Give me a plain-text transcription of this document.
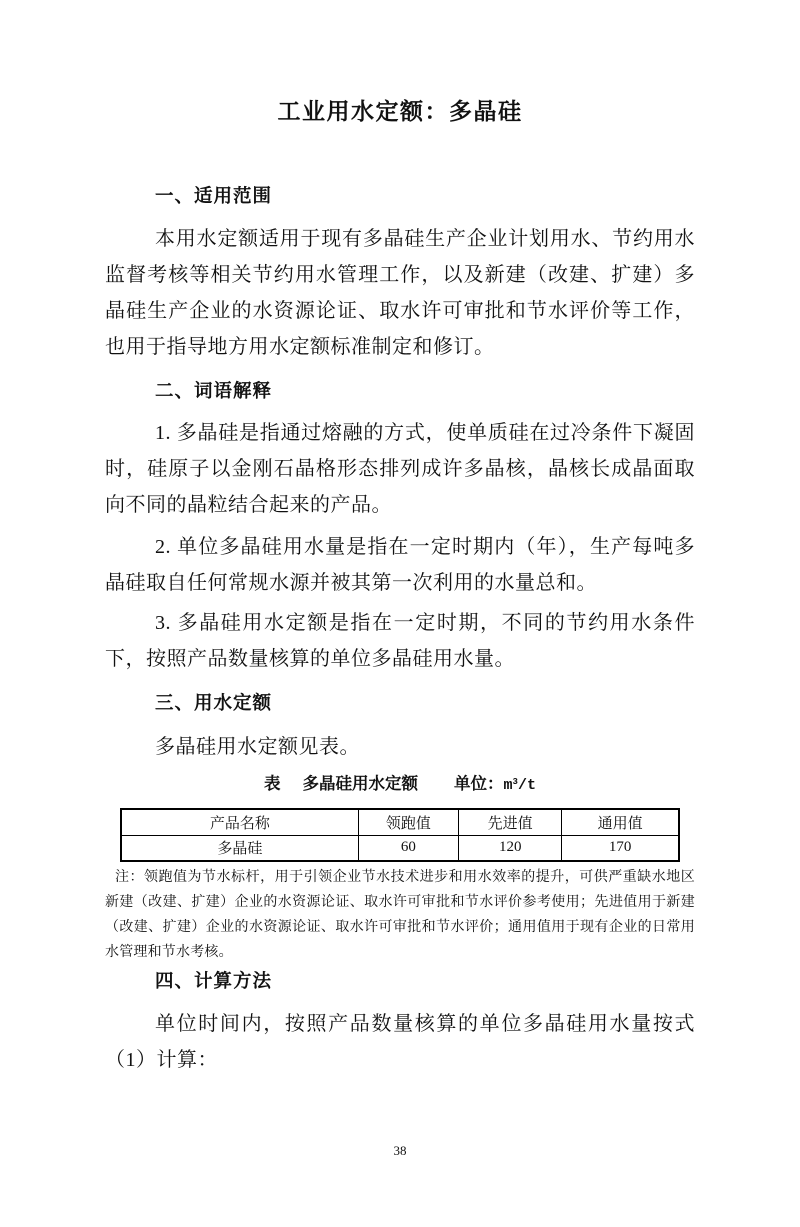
工业用水定额：多晶硅
一、适用范围

本用水定额适用于现有多晶硅生产企业计划用水、节约用水监督考核等相关节约用水管理工作，以及新建（改建、扩建）多晶硅生产企业的水资源论证、取水许可审批和节水评价等工作，也用于指导地方用水定额标准制定和修订。

二、词语解释

1. 多晶硅是指通过熔融的方式，使单质硅在过冷条件下凝固时，硅原子以金刚石晶格形态排列成许多晶核，晶核长成晶面取向不同的晶粒结合起来的产品。

2. 单位多晶硅用水量是指在一定时期内（年），生产每吨多晶硅取自任何常规水源并被其第一次利用的水量总和。

3. 多晶硅用水定额是指在一定时期，不同的节约用水条件下，按照产品数量核算的单位多晶硅用水量。

三、用水定额

多晶硅用水定额见表。

表 多晶硅用水定额 单位：$m^3/t$
产品名称	领跑值	先进值	通用值
多晶硅	60	120	170

注：领跑值为节水标杆，用于引领企业节水技术进步和用水效率的提升，可供严重缺水地区新建（改建、扩建）企业的水资源论证、取水许可审批和节水评价参考使用；先进值用于新建（改建、扩建）企业的水资源论证、取水许可审批和节水评价；通用值用于现有企业的日常用水管理和节水考核。

四、计算方法

单位时间内，按照产品数量核算的单位多晶硅用水量按式（1）计算：

38
